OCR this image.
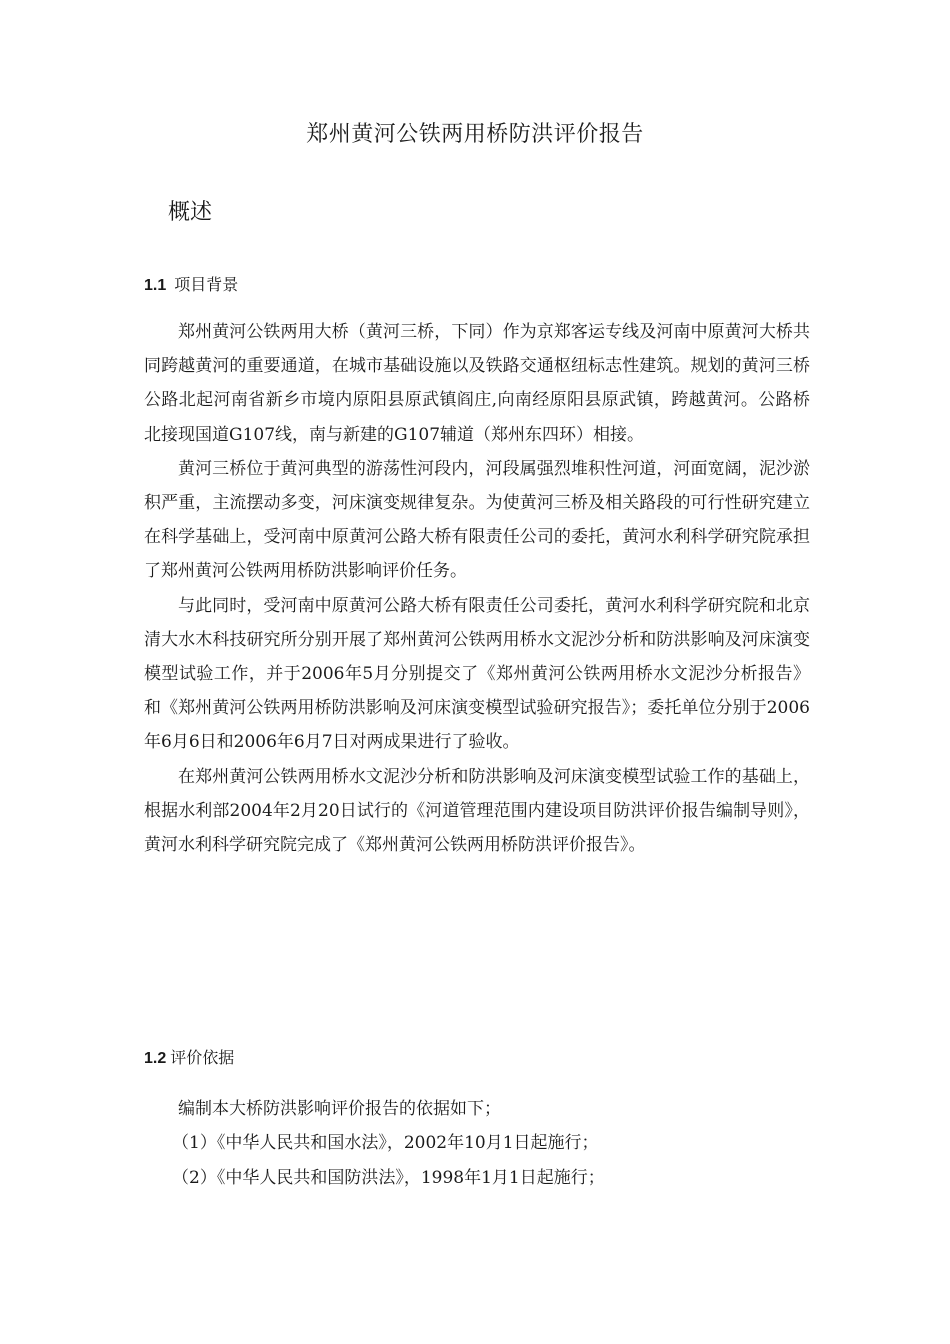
郑州黄河公铁两用桥防洪评价报告
概述
1.1 项目背景

郑州黄河公铁两用大桥（黄河三桥，下同）作为京郑客运专线及河南中原黄河大桥共同跨越黄河的重要通道，在城市基础设施以及铁路交通枢纽标志性建筑。规划的黄河三桥公路北起河南省新乡市境内原阳县原武镇阎庄,向南经原阳县原武镇，跨越黄河。公路桥北接现国道G107线，南与新建的G107辅道（郑州东四环）相接。

黄河三桥位于黄河典型的游荡性河段内，河段属强烈堆积性河道，河面宽阔，泥沙淤积严重，主流摆动多变，河床演变规律复杂。为使黄河三桥及相关路段的可行性研究建立在科学基础上，受河南中原黄河公路大桥有限责任公司的委托，黄河水利科学研究院承担了郑州黄河公铁两用桥防洪影响评价任务。

与此同时，受河南中原黄河公路大桥有限责任公司委托，黄河水利科学研究院和北京清大水木科技研究所分别开展了郑州黄河公铁两用桥水文泥沙分析和防洪影响及河床演变模型试验工作，并于2006年5月分别提交了《郑州黄河公铁两用桥水文泥沙分析报告》和《郑州黄河公铁两用桥防洪影响及河床演变模型试验研究报告》；委托单位分别于2006年6月6日和2006年6月7日对两成果进行了验收。

在郑州黄河公铁两用桥水文泥沙分析和防洪影响及河床演变模型试验工作的基础上，根据水利部2004年2月20日试行的《河道管理范围内建设项目防洪评价报告编制导则》，黄河水利科学研究院完成了《郑州黄河公铁两用桥防洪评价报告》。

1.2 评价依据
编制本大桥防洪影响评价报告的依据如下；
（1）《中华人民共和国水法》，2002年10月1日起施行；
（2）《中华人民共和国防洪法》，1998年1月1日起施行；
